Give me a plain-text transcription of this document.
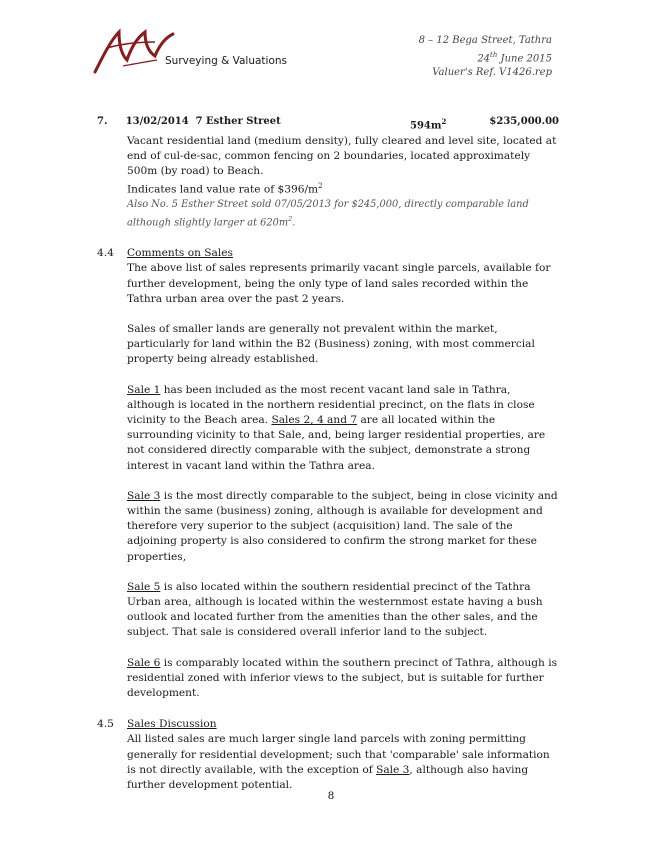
Surveying & Valuations

8 – 12 Bega Street, Tathra

24th June 2015

Valuer's Ref. V1426.rep

7.	13/02/2014 7 Esther Street	$594m^2$	$235,000.00

Vacant residential land (medium density), fully cleared and level site, located at end of cul-de-sac, common fencing on 2 boundaries, located approximately 500m (by road) to Beach.

Indicates land value rate of $\$396/m^2$

Also No. 5 Esther Street sold 07/05/2013 for $245,000, directly comparable land although slightly larger at $620m^2$.

4.4	Comments on Sales

The above list of sales represents primarily vacant single parcels, available for further development, being the only type of land sales recorded within the Tathra urban area over the past 2 years.

Sales of smaller lands are generally not prevalent within the market, particularly for land within the B2 (Business) zoning, with most commercial property being already established.

Sale 1 has been included as the most recent vacant land sale in Tathra, although is located in the northern residential precinct, on the flats in close vicinity to the Beach area. Sales 2, 4 and 7 are all located within the surrounding vicinity to that Sale, and, being larger residential properties, are not considered directly comparable with the subject, demonstrate a strong interest in vacant land within the Tathra area.

Sale 3 is the most directly comparable to the subject, being in close vicinity and within the same (business) zoning, although is available for development and therefore very superior to the subject (acquisition) land. The sale of the adjoining property is also considered to confirm the strong market for these properties,

Sale 5 is also located within the southern residential precinct of the Tathra Urban area, although is located within the westernmost estate having a bush outlook and located further from the amenities than the other sales, and the subject. That sale is considered overall inferior land to the subject.

Sale 6 is comparably located within the southern precinct of Tathra, although is residential zoned with inferior views to the subject, but is suitable for further development.

4.5	Sales Discussion

All listed sales are much larger single land parcels with zoning permitting generally for residential development; such that 'comparable' sale information is not directly available, with the exception of Sale 3, although also having further development potential.

8
